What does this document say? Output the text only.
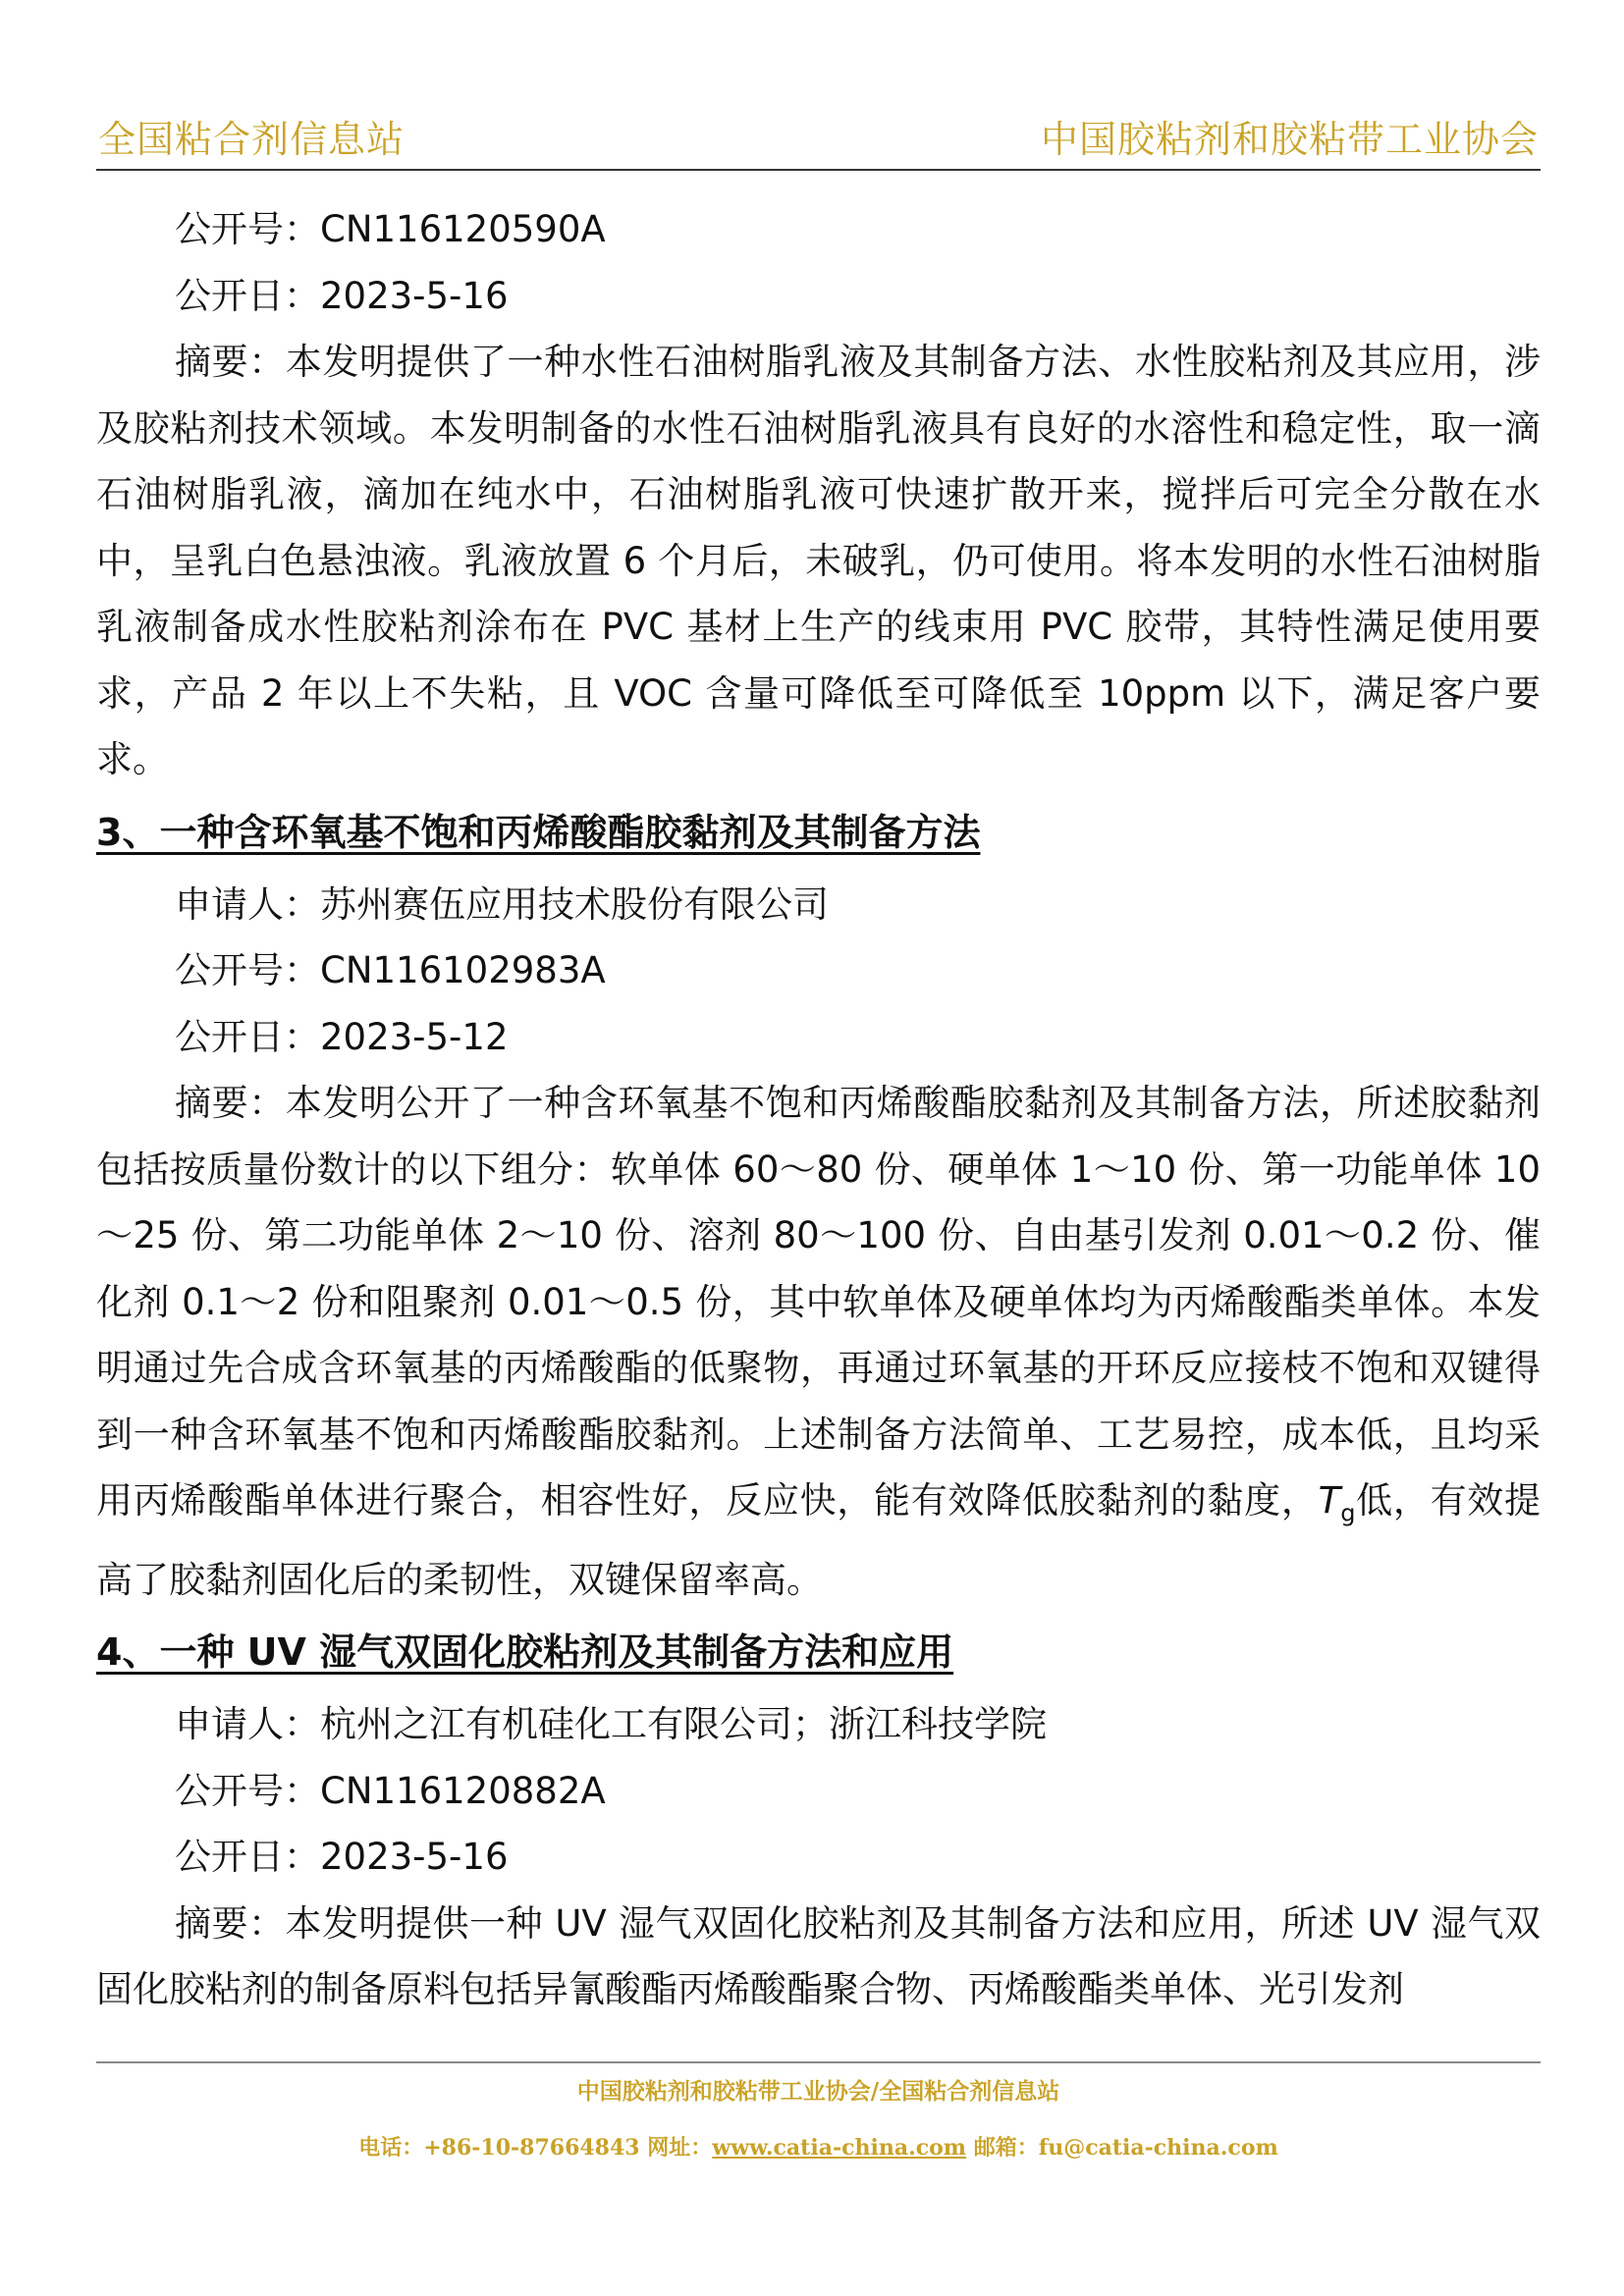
全国粘合剂信息站	中国胶粘剂和胶粘带工业协会

公开号：CN116120590A

公开日：2023-5-16

摘要：本发明提供了一种水性石油树脂乳液及其制备方法、水性胶粘剂及其应用，涉及胶粘剂技术领域。本发明制备的水性石油树脂乳液具有良好的水溶性和稳定性，取一滴石油树脂乳液，滴加在纯水中，石油树脂乳液可快速扩散开来，搅拌后可完全分散在水中，呈乳白色悬浊液。乳液放置 6 个月后，未破乳，仍可使用。将本发明的水性石油树脂乳液制备成水性胶粘剂涂布在 PVC 基材上生产的线束用 PVC 胶带，其特性满足使用要求，产品 2 年以上不失粘，且 VOC 含量可降低至可降低至 10ppm 以下，满足客户要求。

3、一种含环氧基不饱和丙烯酸酯胶黏剂及其制备方法

申请人：苏州赛伍应用技术股份有限公司

公开号：CN116102983A

公开日：2023-5-12

摘要：本发明公开了一种含环氧基不饱和丙烯酸酯胶黏剂及其制备方法，所述胶黏剂包括按质量份数计的以下组分：软单体 60～80 份、硬单体 1～10 份、第一功能单体 10～25 份、第二功能单体 2～10 份、溶剂 80～100 份、自由基引发剂 0.01～0.2 份、催化剂 0.1～2 份和阻聚剂 0.01～0.5 份，其中软单体及硬单体均为丙烯酸酯类单体。本发明通过先合成含环氧基的丙烯酸酯的低聚物，再通过环氧基的开环反应接枝不饱和双键得到一种含环氧基不饱和丙烯酸酯胶黏剂。上述制备方法简单、工艺易控，成本低，且均采用丙烯酸酯单体进行聚合，相容性好，反应快，能有效降低胶黏剂的黏度，$T_g$低，有效提高了胶黏剂固化后的柔韧性，双键保留率高。

4、一种 UV 湿气双固化胶粘剂及其制备方法和应用

申请人：杭州之江有机硅化工有限公司；浙江科技学院

公开号：CN116120882A

公开日：2023-5-16

摘要：本发明提供一种 UV 湿气双固化胶粘剂及其制备方法和应用，所述 UV 湿气双固化胶粘剂的制备原料包括异氰酸酯丙烯酸酯聚合物、丙烯酸酯类单体、光引发剂

中国胶粘剂和胶粘带工业协会/全国粘合剂信息站
电话：+86-10-87664843 网址：www.catia-china.com 邮箱：fu@catia-china.com
